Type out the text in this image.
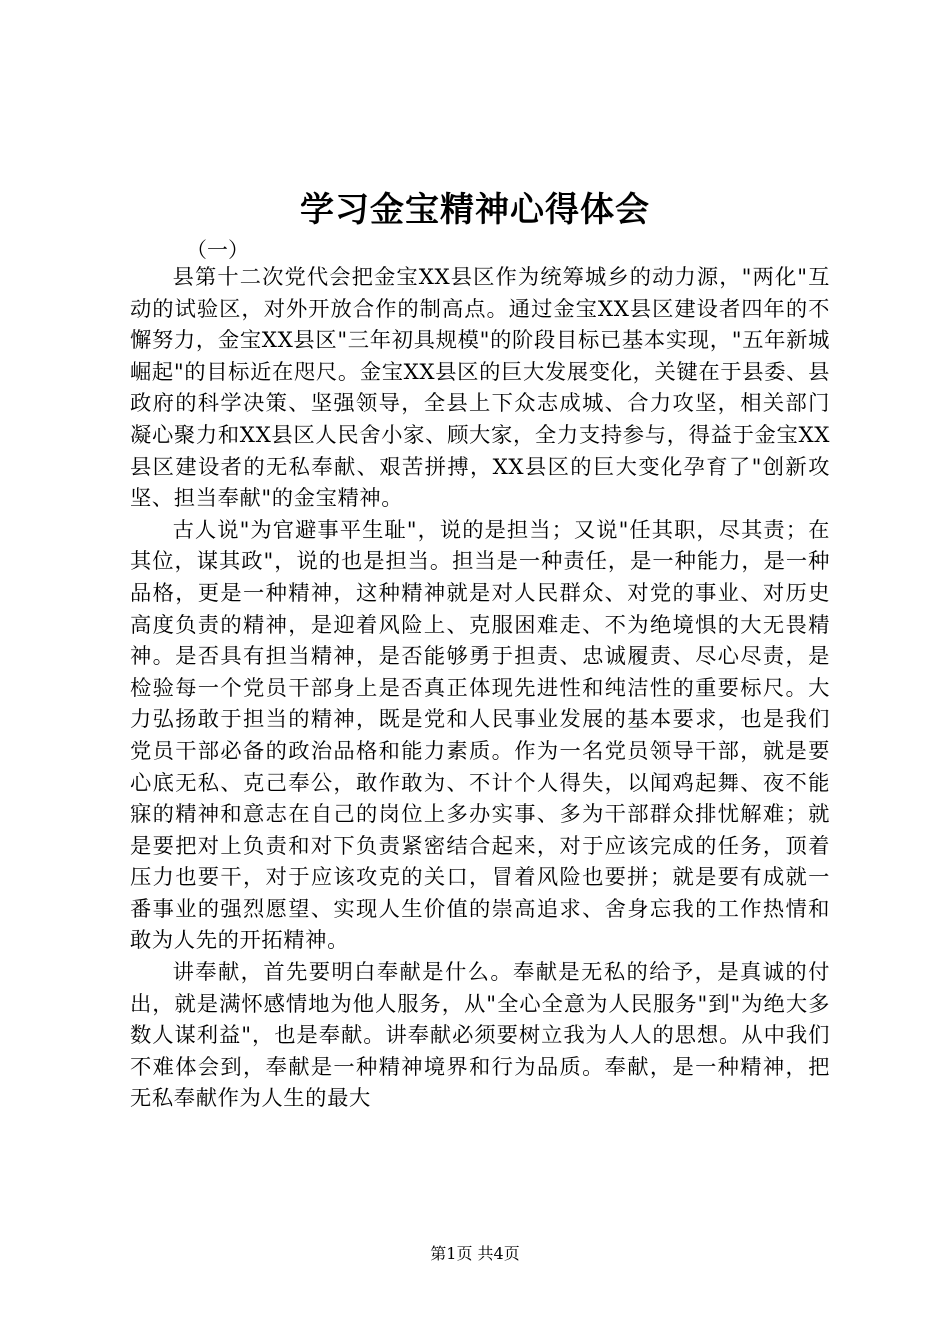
学习金宝精神心得体会

（一）

县第十二次党代会把金宝XX县区作为统筹城乡的动力源，"两化"互动的试验区，对外开放合作的制高点。通过金宝XX县区建设者四年的不懈努力，金宝XX县区"三年初具规模"的阶段目标已基本实现，"五年新城崛起"的目标近在咫尺。金宝XX县区的巨大发展变化，关键在于县委、县政府的科学决策、坚强领导，全县上下众志成城、合力攻坚，相关部门凝心聚力和XX县区人民舍小家、顾大家，全力支持参与，得益于金宝XX县区建设者的无私奉献、艰苦拼搏，XX县区的巨大变化孕育了"创新攻坚、担当奉献"的金宝精神。

古人说"为官避事平生耻"，说的是担当；又说"任其职，尽其责；在其位，谋其政"，说的也是担当。担当是一种责任，是一种能力，是一种品格，更是一种精神，这种精神就是对人民群众、对党的事业、对历史高度负责的精神，是迎着风险上、克服困难走、不为绝境惧的大无畏精神。是否具有担当精神，是否能够勇于担责、忠诚履责、尽心尽责，是检验每一个党员干部身上是否真正体现先进性和纯洁性的重要标尺。大力弘扬敢于担当的精神，既是党和人民事业发展的基本要求，也是我们党员干部必备的政治品格和能力素质。作为一名党员领导干部，就是要心底无私、克己奉公，敢作敢为、不计个人得失，以闻鸡起舞、夜不能寐的精神和意志在自己的岗位上多办实事、多为干部群众排忧解难；就是要把对上负责和对下负责紧密结合起来，对于应该完成的任务，顶着压力也要干，对于应该攻克的关口，冒着风险也要拼；就是要有成就一番事业的强烈愿望、实现人生价值的崇高追求、舍身忘我的工作热情和敢为人先的开拓精神。

讲奉献，首先要明白奉献是什么。奉献是无私的给予，是真诚的付出，就是满怀感情地为他人服务，从"全心全意为人民服务"到"为绝大多数人谋利益"，也是奉献。讲奉献必须要树立我为人人的思想。从中我们不难体会到，奉献是一种精神境界和行为品质。奉献，是一种精神，把无私奉献作为人生的最大

第1页 共4页
